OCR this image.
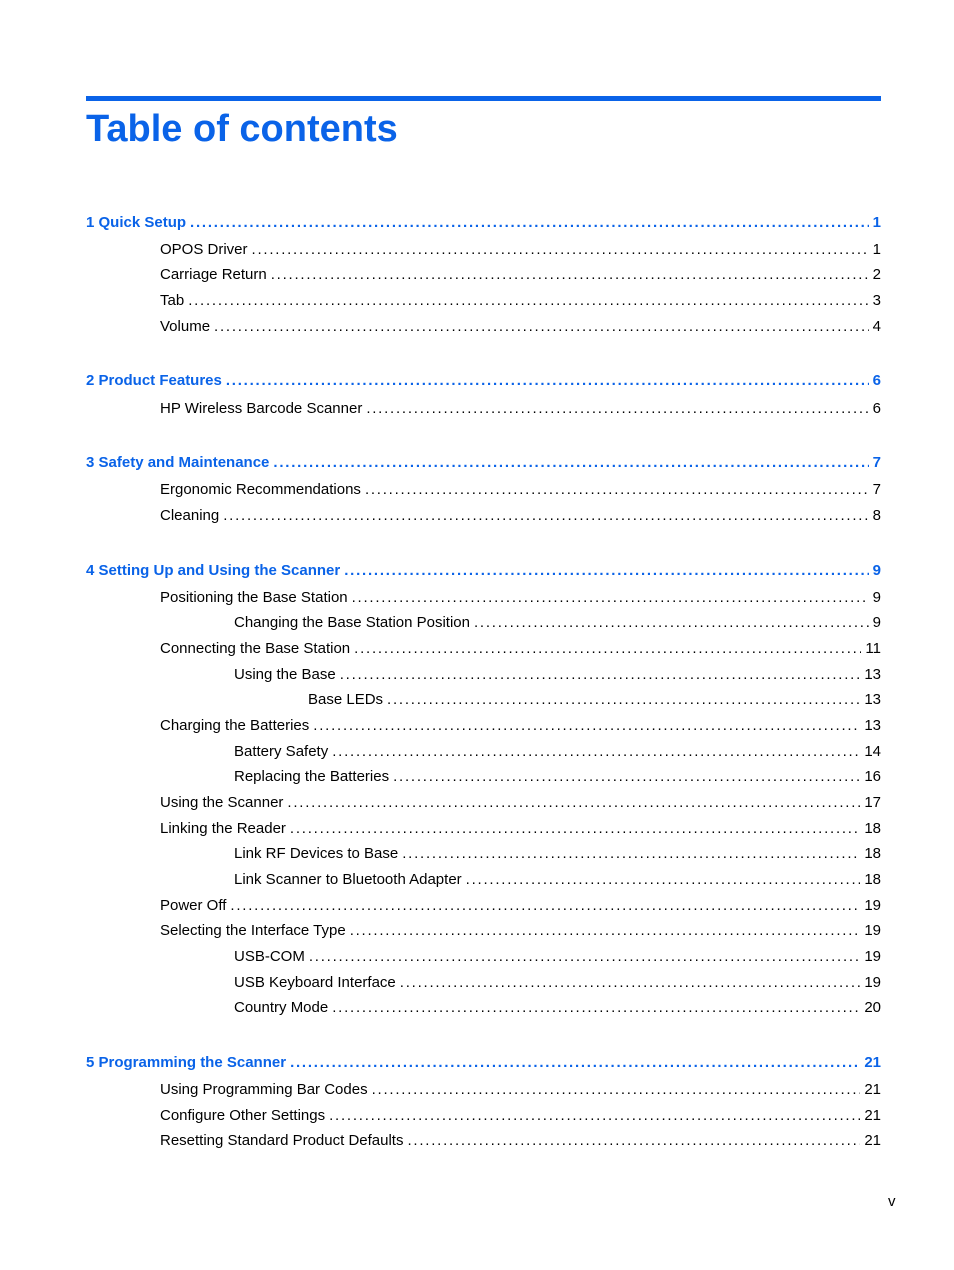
Table of contents
1 Quick Setup . . .	1
OPOS Driver . . .	1
Carriage Return . . .	2
Tab . . .	3
Volume . . .	4
2 Product Features . . .	6
HP Wireless Barcode Scanner . . .	6
3 Safety and Maintenance . . .	7
Ergonomic Recommendations . . .	7
Cleaning . . .	8
4 Setting Up and Using the Scanner . . .	9
Positioning the Base Station . . .	9
Changing the Base Station Position . . .	9
Connecting the Base Station . . .	11
Using the Base . . .	13
Base LEDs . . .	13
Charging the Batteries . . .	13
Battery Safety . . .	14
Replacing the Batteries . . .	16
Using the Scanner . . .	17
Linking the Reader . . .	18
Link RF Devices to Base . . .	18
Link Scanner to Bluetooth Adapter . . .	18
Power Off . . .	19
Selecting the Interface Type . . .	19
USB-COM . . .	19
USB Keyboard Interface . . .	19
Country Mode . . .	20
5 Programming the Scanner . . .	21
Using Programming Bar Codes . . .	21
Configure Other Settings . . .	21
Resetting Standard Product Defaults . . .	21
v
